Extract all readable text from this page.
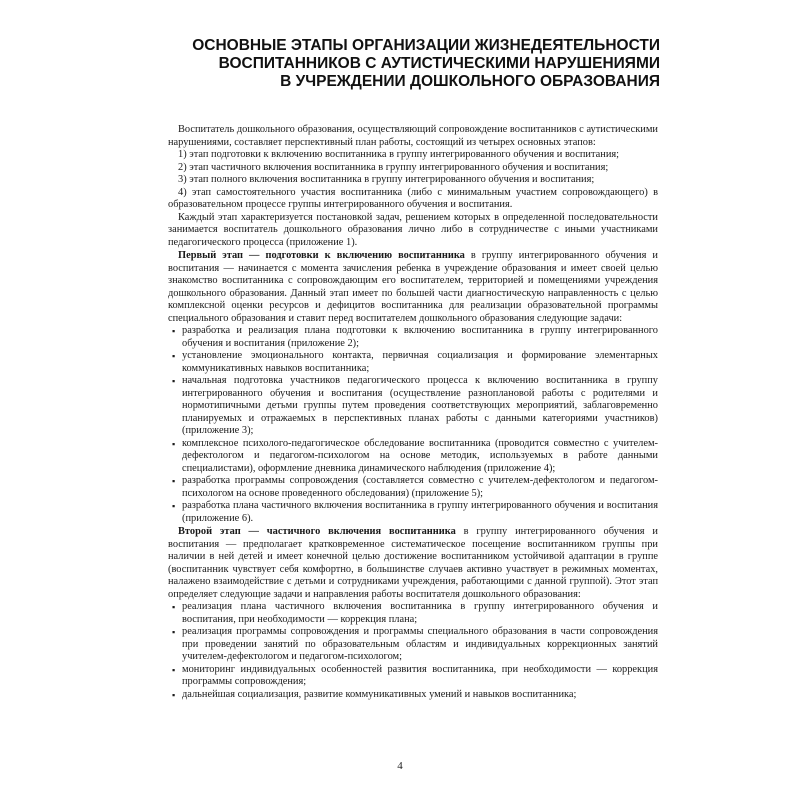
ОСНОВНЫЕ ЭТАПЫ ОРГАНИЗАЦИИ ЖИЗНЕДЕЯТЕЛЬНОСТИ
ВОСПИТАННИКОВ С АУТИСТИЧЕСКИМИ НАРУШЕНИЯМИ
В УЧРЕЖДЕНИИ ДОШКОЛЬНОГО ОБРАЗОВАНИЯ

Воспитатель дошкольного образования, осуществляющий сопровождение воспитанников с аутистическими нарушениями, составляет перспективный план работы, состоящий из четырех основных этапов:

1) этап подготовки к включению воспитанника в группу интегрированного обучения и воспитания;

2) этап частичного включения воспитанника в группу интегрированного обучения и воспитания;

3) этап полного включения воспитанника в группу интегрированного обучения и воспитания;

4) этап самостоятельного участия воспитанника (либо с минимальным участием сопровождающего) в образовательном процессе группы интегрированного обучения и воспитания.

Каждый этап характеризуется постановкой задач, решением которых в определенной последовательности занимается воспитатель дошкольного образования лично либо в сотрудничестве с иными участниками педагогического процесса (приложение 1).

Первый этап — подготовки к включению воспитанника в группу интегрированного обучения и воспитания — начинается с момента зачисления ребенка в учреждение образования и имеет своей целью знакомство воспитанника с сопровождающим его воспитателем, территорией и помещениями учреждения дошкольного образования. Данный этап имеет по большей части диагностическую направленность с целью комплексной оценки ресурсов и дефицитов воспитанника для реализации образовательной программы специального образования и ставит перед воспитателем дошкольного образования следующие задачи:

▪ разработка и реализация плана подготовки к включению воспитанника в группу интегрированного обучения и воспитания (приложение 2);
▪ установление эмоционального контакта, первичная социализация и формирование элементарных коммуникативных навыков воспитанника;
▪ начальная подготовка участников педагогического процесса к включению воспитанника в группу интегрированного обучения и воспитания (осуществление разноплановой работы с родителями и нормотипичными детьми группы путем проведения соответствующих мероприятий, заблаговременно планируемых и отражаемых в перспективных планах работы с данными категориями участников) (приложение 3);
▪ комплексное психолого-педагогическое обследование воспитанника (проводится совместно с учителем-дефектологом и педагогом-психологом на основе методик, используемых в работе данными специалистами), оформление дневника динамического наблюдения (приложение 4);
▪ разработка программы сопровождения (составляется совместно с учителем-дефектологом и педагогом-психологом на основе проведенного обследования) (приложение 5);
▪ разработка плана частичного включения воспитанника в группу интегрированного обучения и воспитания (приложение 6).

Второй этап — частичного включения воспитанника в группу интегрированного обучения и воспитания — предполагает кратковременное систематическое посещение воспитанником группы при наличии в ней детей и имеет конечной целью достижение воспитанником устойчивой адаптации в группе (воспитанник чувствует себя комфортно, в большинстве случаев активно участвует в режимных моментах, налажено взаимодействие с детьми и сотрудниками учреждения, работающими с данной группой). Этот этап определяет следующие задачи и направления работы воспитателя дошкольного образования:

▪ реализация плана частичного включения воспитанника в группу интегрированного обучения и воспитания, при необходимости — коррекция плана;
▪ реализация программы сопровождения и программы специального образования в части сопровождения при проведении занятий по образовательным областям и индивидуальных коррекционных занятий учителем-дефектологом и педагогом-психологом;
▪ мониторинг индивидуальных особенностей развития воспитанника, при необходимости — коррекция программы сопровождения;
▪ дальнейшая социализация, развитие коммуникативных умений и навыков воспитанника;
4
